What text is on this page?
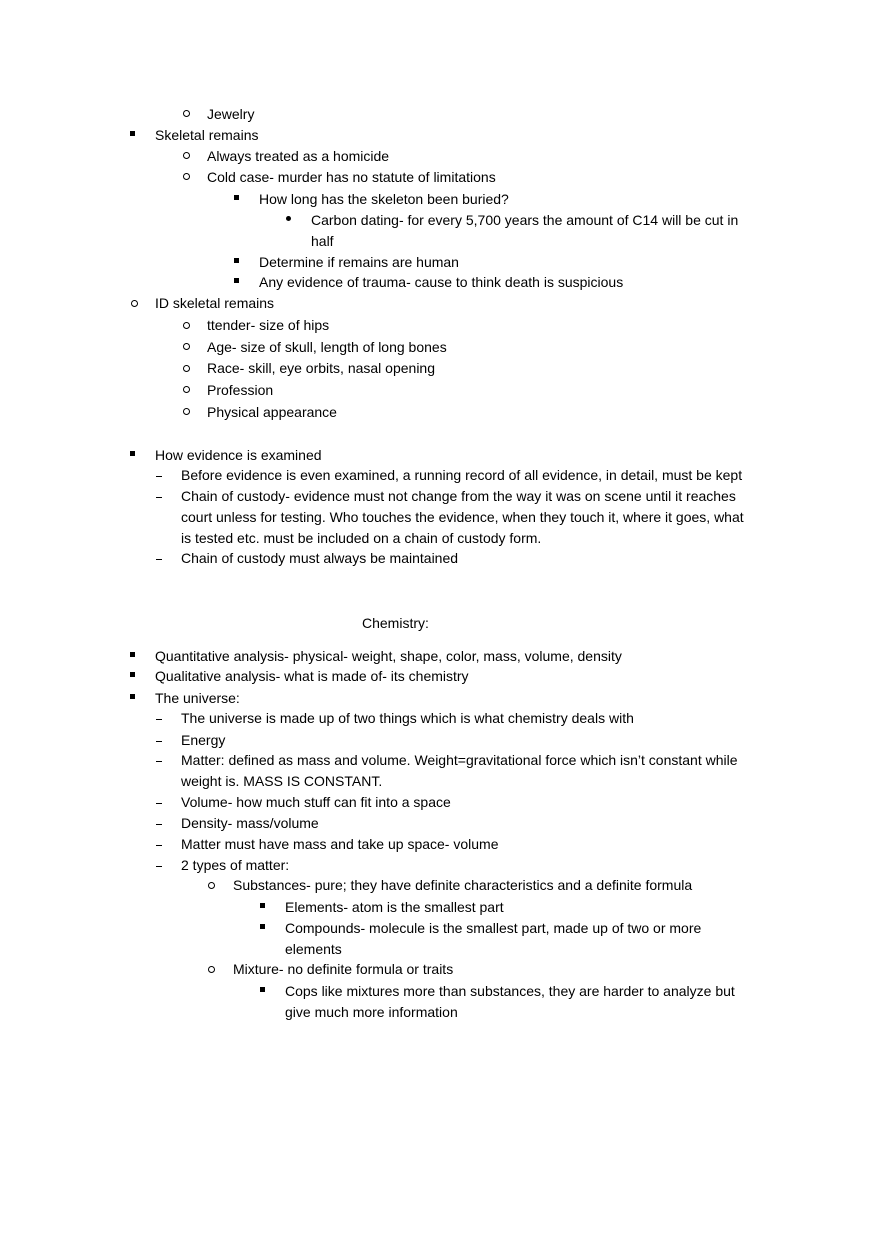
Jewelry
Skeletal remains
Always treated as a homicide
Cold case- murder has no statute of limitations
How long has the skeleton been buried?
Carbon dating- for every 5,700 years the amount of C14 will be cut in
half
Determine if remains are human
Any evidence of trauma- cause to think death is suspicious
ID skeletal remains
ttender- size of hips
Age- size of skull, length of long bones
Race- skill, eye orbits, nasal opening
Profession
Physical appearance
How evidence is examined
Before evidence is even examined, a running record of all evidence, in detail, must be kept
Chain of custody- evidence must not change from the way it was on scene until it reaches
court unless for testing. Who touches the evidence, when they touch it, where it goes, what
is tested etc. must be included on a chain of custody form.
Chain of custody must always be maintained
Chemistry:
Quantitative analysis- physical- weight, shape, color, mass, volume, density
Qualitative analysis- what is made of- its chemistry
The universe:
The universe is made up of two things which is what chemistry deals with
Energy
Matter: defined as mass and volume. Weight=gravitational force which isn’t constant while
weight is. MASS IS CONSTANT.
Volume- how much stuff can fit into a space
Density- mass/volume
Matter must have mass and take up space- volume
2 types of matter:
Substances- pure; they have definite characteristics and a definite formula
Elements- atom is the smallest part
Compounds- molecule is the smallest part, made up of two or more
elements
Mixture- no definite formula or traits
Cops like mixtures more than substances, they are harder to analyze but
give much more information
